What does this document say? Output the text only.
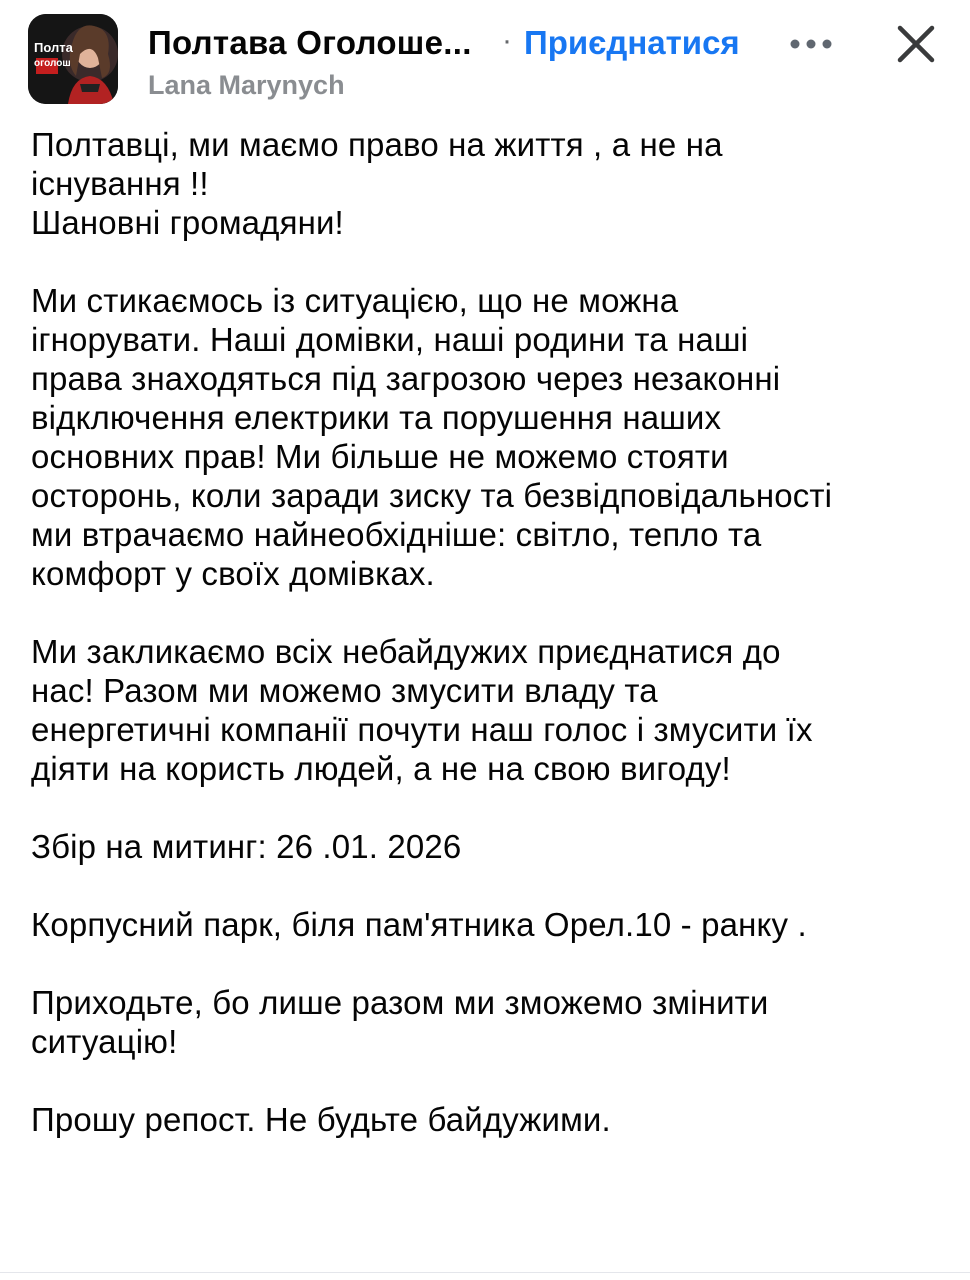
Полта
оголош
Полтава Оголоше... · Приєднатися
Lana Marynych

Полтавці, ми маємо право на життя , а не на
існування !!
Шановні громадяни!

Ми стикаємось із ситуацією, що не можна
ігнорувати. Наші домівки, наші родини та наші
права знаходяться під загрозою через незаконні
відключення електрики та порушення наших
основних прав! Ми більше не можемо стояти
осторонь, коли заради зиску та безвідповідальності
ми втрачаємо найнеобхідніше: світло, тепло та
комфорт у своїх домівках.

Ми закликаємо всіх небайдужих приєднатися до
нас! Разом ми можемо змусити владу та
енергетичні компанії почути наш голос і змусити їх
діяти на користь людей, а не на свою вигоду!

Збір на митинг: 26 .01. 2026

Корпусний парк, біля пам'ятника Орел.10 - ранку .

Приходьте, бо лише разом ми зможемо змінити
ситуацію!

Прошу репост. Не будьте байдужими.
